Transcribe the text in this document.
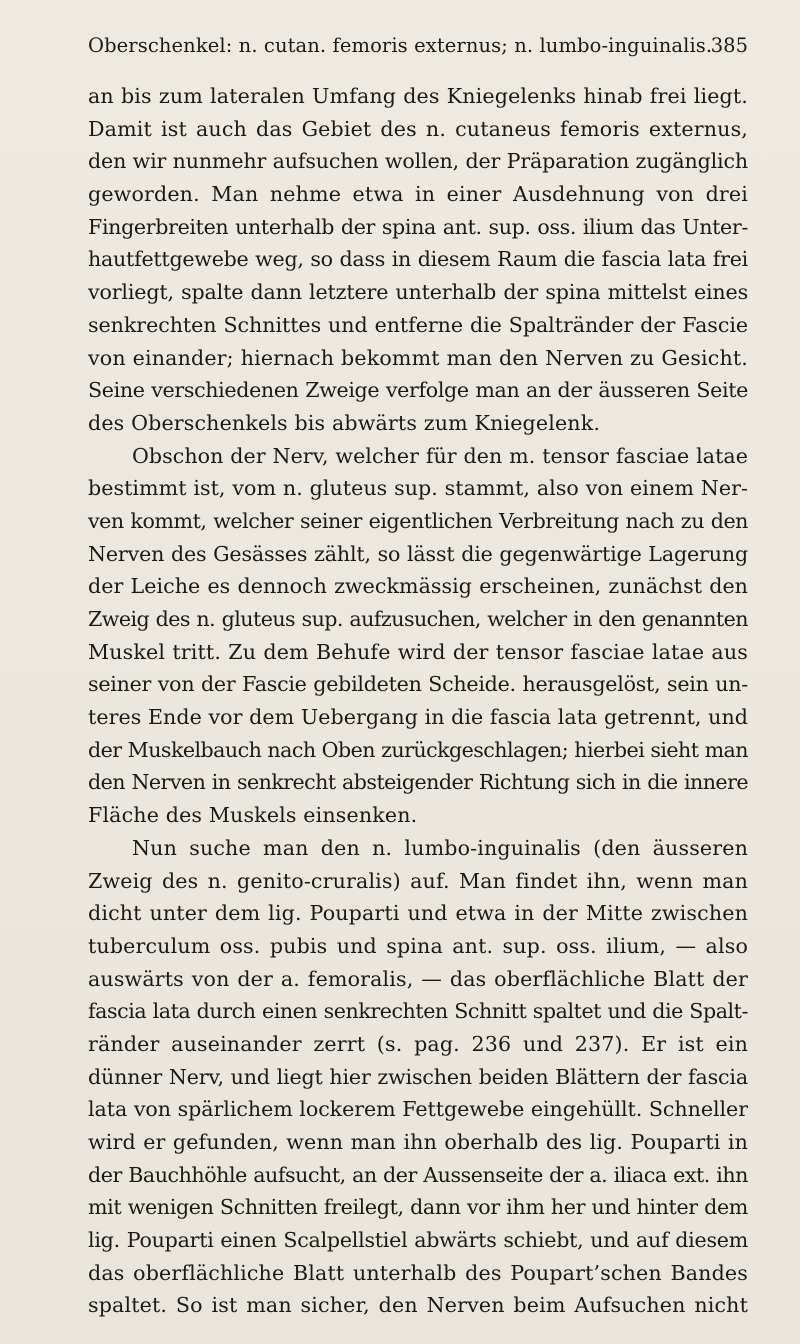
Oberschenkel: n. cutan. femoris externus; n. lumbo-inguinalis.
385
an bis zum lateralen Umfang des Kniegelenks hinab frei liegt.
Damit ist auch das Gebiet des n. cutaneus femoris externus,
den wir nunmehr aufsuchen wollen, der Präparation zugänglich
geworden. Man nehme etwa in einer Ausdehnung von drei
Fingerbreiten unterhalb der spina ant. sup. oss. ilium das Unter-
hautfettgewebe weg, so dass in diesem Raum die fascia lata frei
vorliegt, spalte dann letztere unterhalb der spina mittelst eines
senkrechten Schnittes und entferne die Spaltränder der Fascie
von einander; hiernach bekommt man den Nerven zu Gesicht.
Seine verschiedenen Zweige verfolge man an der äusseren Seite
des Oberschenkels bis abwärts zum Kniegelenk.
Obschon der Nerv, welcher für den m. tensor fasciae latae
bestimmt ist, vom n. gluteus sup. stammt, also von einem Ner-
ven kommt, welcher seiner eigentlichen Verbreitung nach zu den
Nerven des Gesässes zählt, so lässt die gegenwärtige Lagerung
der Leiche es dennoch zweckmässig erscheinen, zunächst den
Zweig des n. gluteus sup. aufzusuchen, welcher in den genannten
Muskel tritt. Zu dem Behufe wird der tensor fasciae latae aus
seiner von der Fascie gebildeten Scheide. herausgelöst, sein un-
teres Ende vor dem Uebergang in die fascia lata getrennt, und
der Muskelbauch nach Oben zurückgeschlagen; hierbei sieht man
den Nerven in senkrecht absteigender Richtung sich in die innere
Fläche des Muskels einsenken.
Nun suche man den n. lumbo-inguinalis (den äusseren
Zweig des n. genito-cruralis) auf. Man findet ihn, wenn man
dicht unter dem lig. Pouparti und etwa in der Mitte zwischen
tuberculum oss. pubis und spina ant. sup. oss. ilium, — also
auswärts von der a. femoralis, — das oberflächliche Blatt der
fascia lata durch einen senkrechten Schnitt spaltet und die Spalt-
ränder auseinander zerrt (s. pag. 236 und 237). Er ist ein
dünner Nerv, und liegt hier zwischen beiden Blättern der fascia
lata von spärlichem lockerem Fettgewebe eingehüllt. Schneller
wird er gefunden, wenn man ihn oberhalb des lig. Pouparti in
der Bauchhöhle aufsucht, an der Aussenseite der a. iliaca ext. ihn
mit wenigen Schnitten freilegt, dann vor ihm her und hinter dem
lig. Pouparti einen Scalpellstiel abwärts schiebt, und auf diesem
das oberflächliche Blatt unterhalb des Poupart’schen Bandes
spaltet. So ist man sicher, den Nerven beim Aufsuchen nicht
